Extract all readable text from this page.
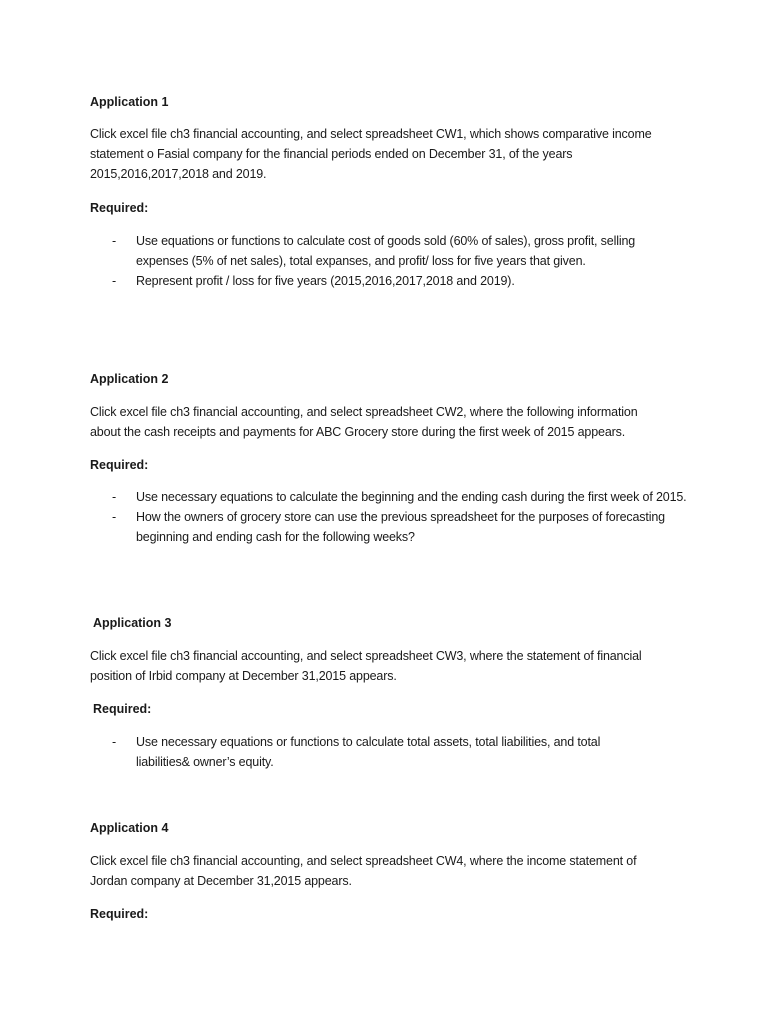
Application 1

Click excel file ch3 financial accounting, and select spreadsheet CW1, which shows comparative income statement o Fasial company for the financial periods ended on December 31, of the years 2015,2016,2017,2018 and 2019.

Required:

- Use equations or functions to calculate cost of goods sold (60% of sales), gross profit, selling expenses (5% of net sales), total expanses, and profit/ loss for five years that given.
- Represent profit / loss for five years (2015,2016,2017,2018 and 2019).

Application 2

Click excel file ch3 financial accounting, and select spreadsheet CW2, where the following information about the cash receipts and payments for ABC Grocery store during the first week of 2015 appears.

Required:

- Use necessary equations to calculate the beginning and the ending cash during the first week of 2015.
- How the owners of grocery store can use the previous spreadsheet for the purposes of forecasting beginning and ending cash for the following weeks?

Application 3

Click excel file ch3 financial accounting, and select spreadsheet CW3, where the statement of financial position of Irbid company at December 31,2015 appears.

Required:

- Use necessary equations or functions to calculate total assets, total liabilities, and total liabilities& owner’s equity.

Application 4

Click excel file ch3 financial accounting, and select spreadsheet CW4, where the income statement of Jordan company at December 31,2015 appears.

Required:
